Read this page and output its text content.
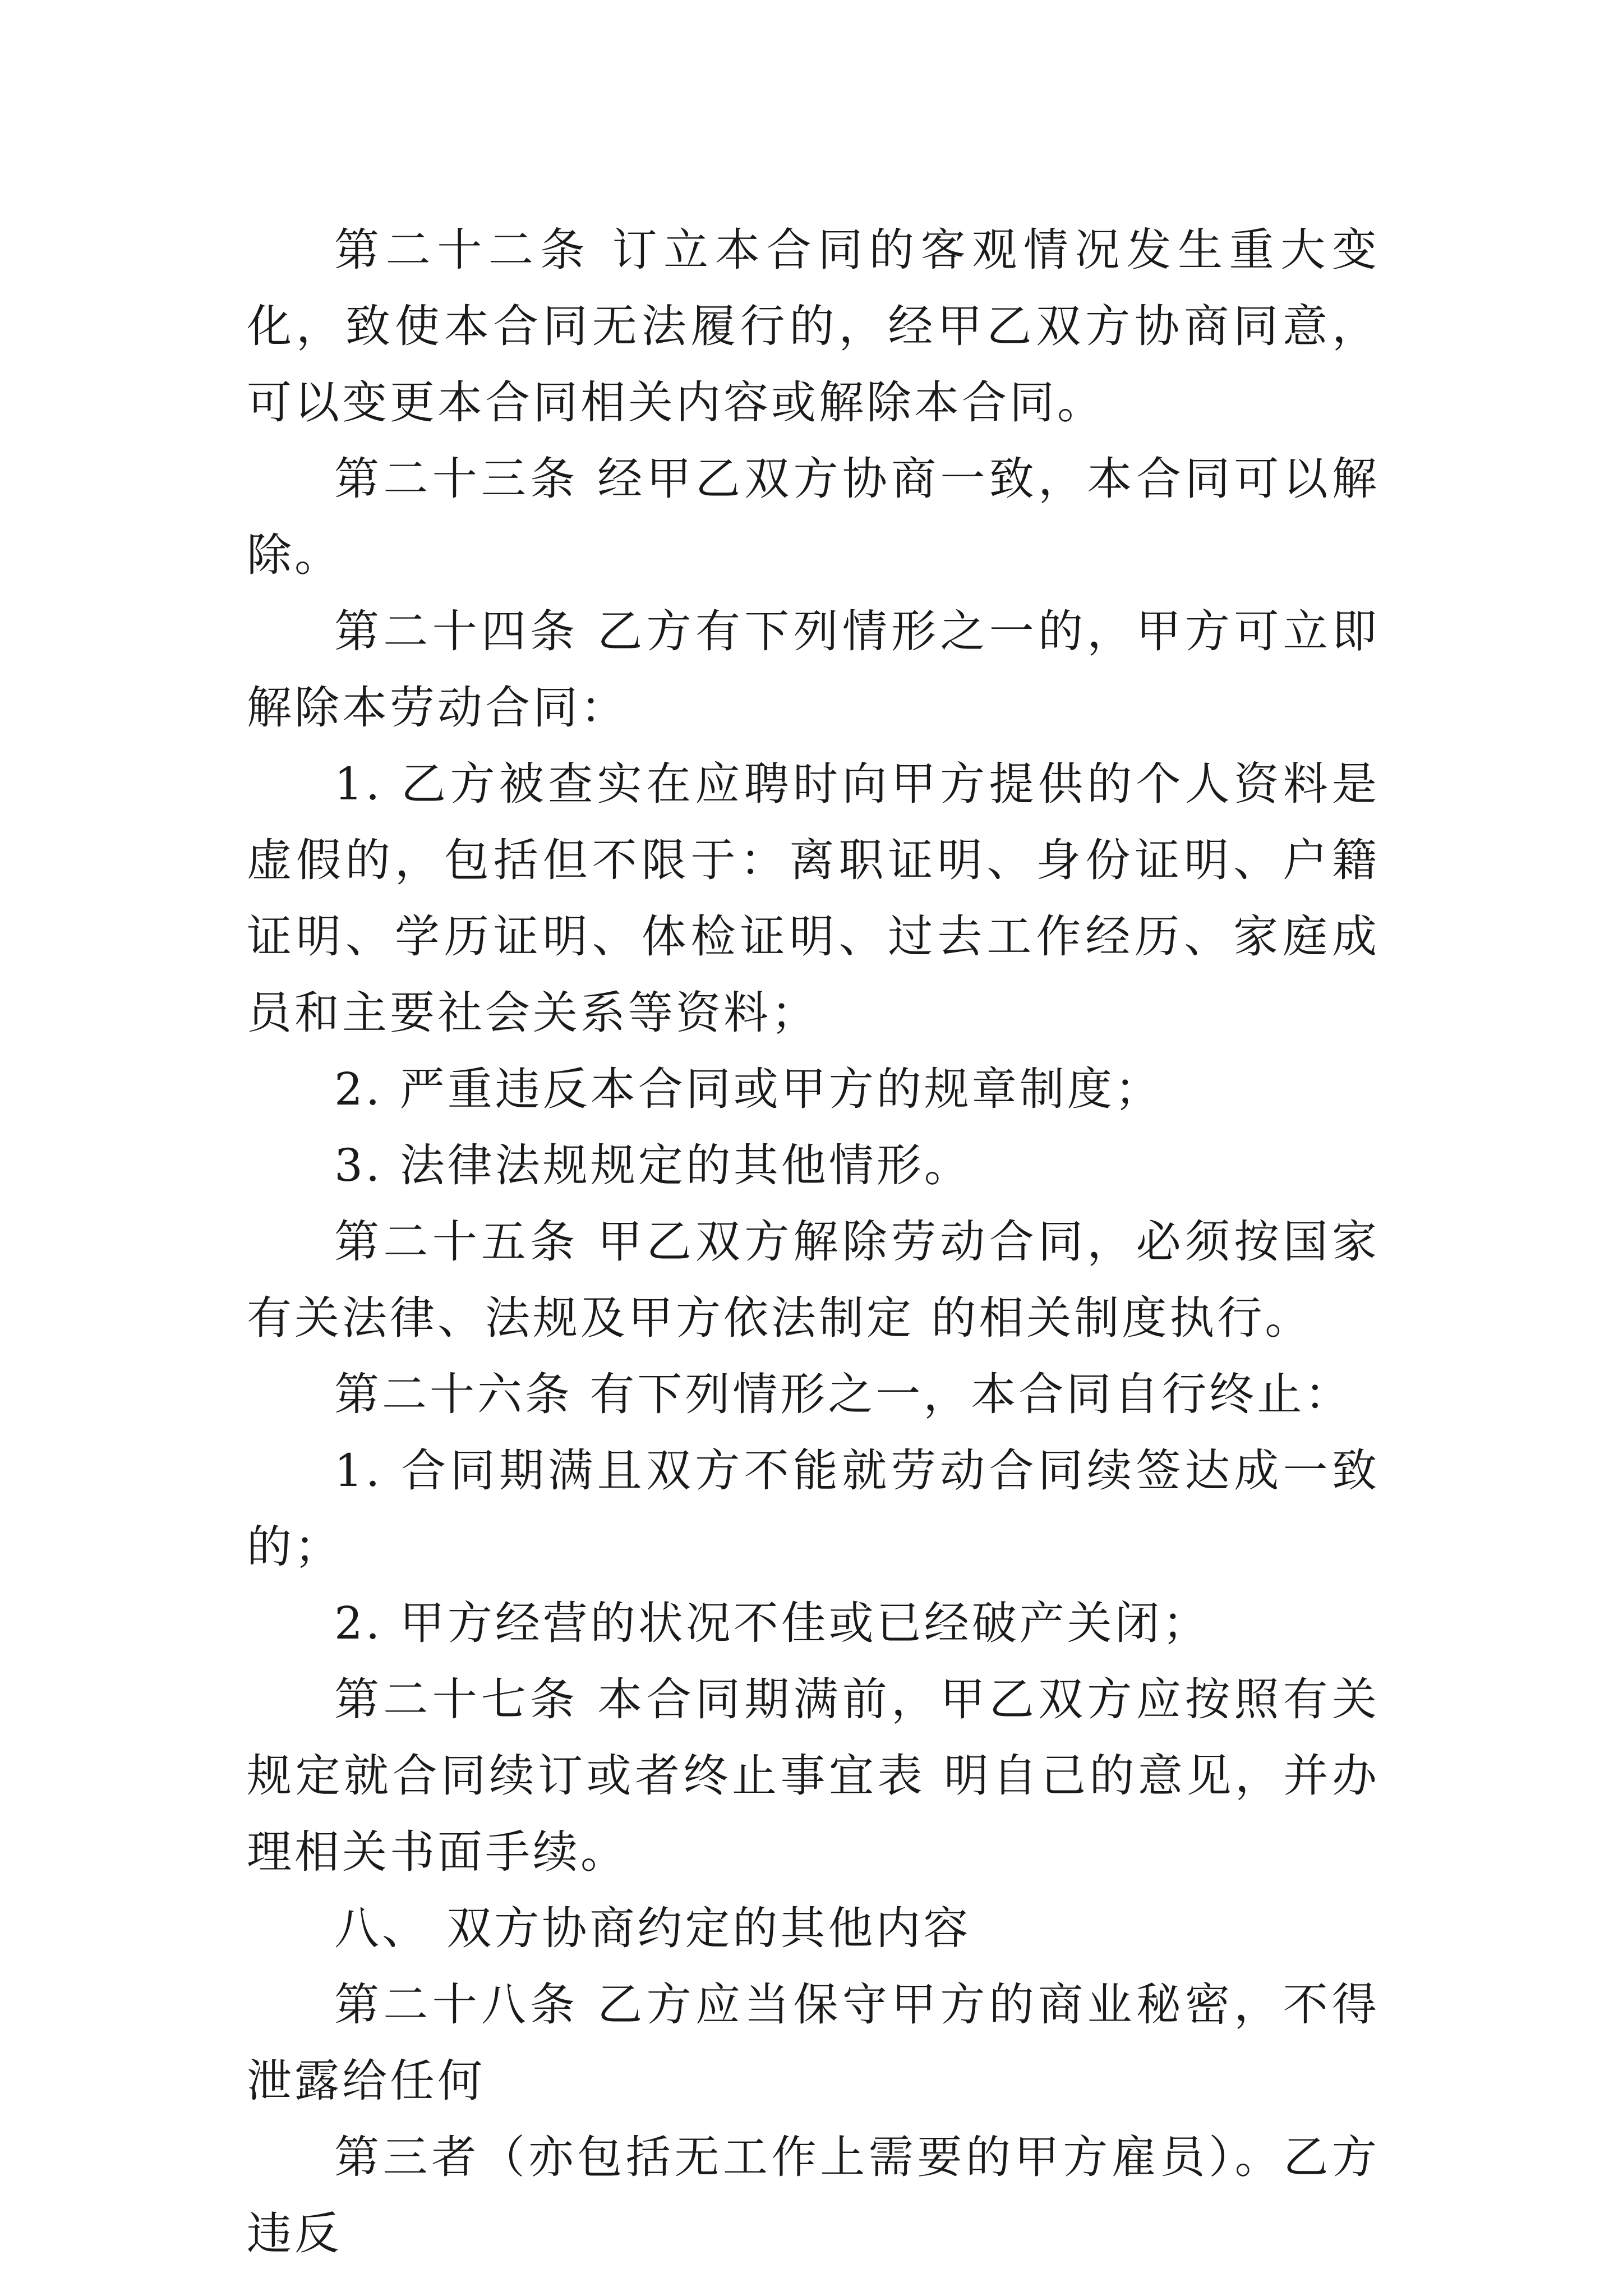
第二十二条 订立本合同的客观情况发生重大变化，致使本合同无法履行的，经甲乙双方协商同意，可以变更本合同相关内容或解除本合同。

第二十三条 经甲乙双方协商一致，本合同可以解除。

第二十四条 乙方有下列情形之一的，甲方可立即解除本劳动合同：

1. 乙方被查实在应聘时向甲方提供的个人资料是虚假的，包括但不限于：离职证明、身份证明、户籍证明、学历证明、体检证明、过去工作经历、家庭成员和主要社会关系等资料；

2. 严重违反本合同或甲方的规章制度；

3. 法律法规规定的其他情形。

第二十五条 甲乙双方解除劳动合同，必须按国家有关法律、法规及甲方依法制定 的相关制度执行。

第二十六条 有下列情形之一，本合同自行终止：

1. 合同期满且双方不能就劳动合同续签达成一致的；

2. 甲方经营的状况不佳或已经破产关闭；

第二十七条 本合同期满前，甲乙双方应按照有关规定就合同续订或者终止事宜表 明自己的意见，并办理相关书面手续。

八、 双方协商约定的其他内容

第二十八条 乙方应当保守甲方的商业秘密，不得泄露给任何

第三者（亦包括无工作上需要的甲方雇员）。乙方违反
